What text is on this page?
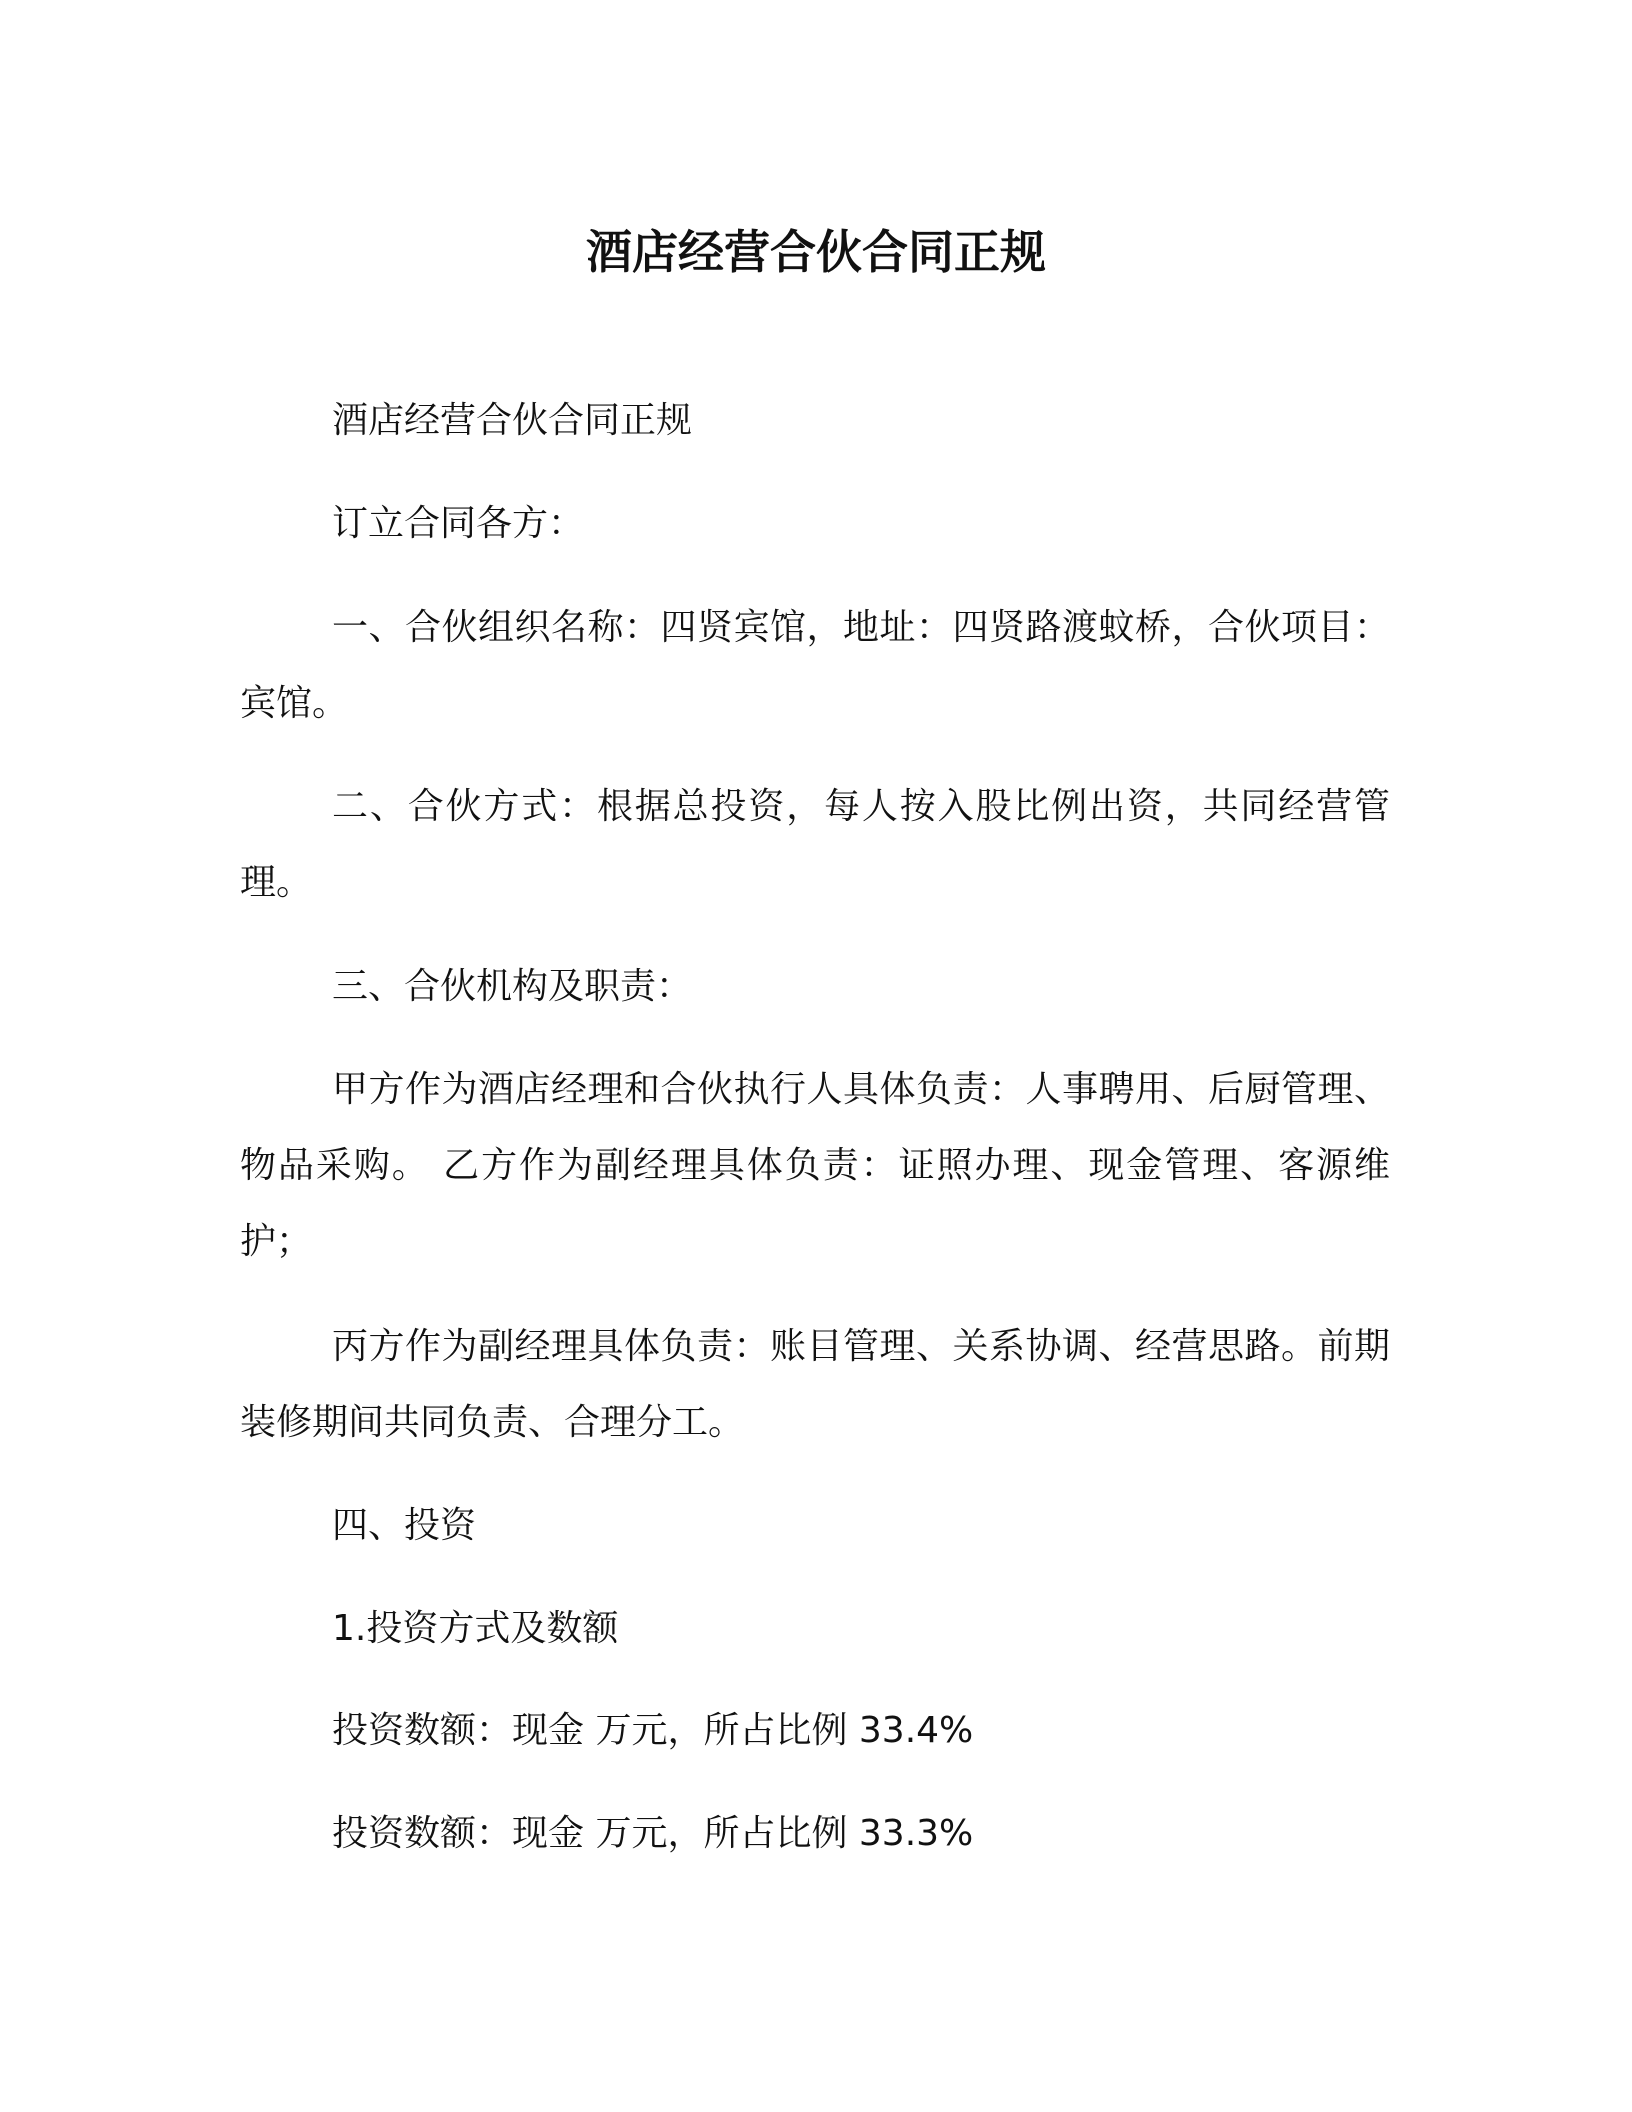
酒店经营合伙合同正规

酒店经营合伙合同正规

订立合同各方：

一、合伙组织名称：四贤宾馆，地址：四贤路渡蚊桥，合伙项目：宾馆。

二、合伙方式：根据总投资，每人按入股比例出资，共同经营管理。

三、合伙机构及职责：

甲方作为酒店经理和合伙执行人具体负责：人事聘用、后厨管理、物品采购。 乙方作为副经理具体负责：证照办理、现金管理、客源维护；

丙方作为副经理具体负责：账目管理、关系协调、经营思路。前期装修期间共同负责、合理分工。

四、投资

1.投资方式及数额

投资数额：现金 万元，所占比例 33.4%

投资数额：现金 万元，所占比例 33.3%
